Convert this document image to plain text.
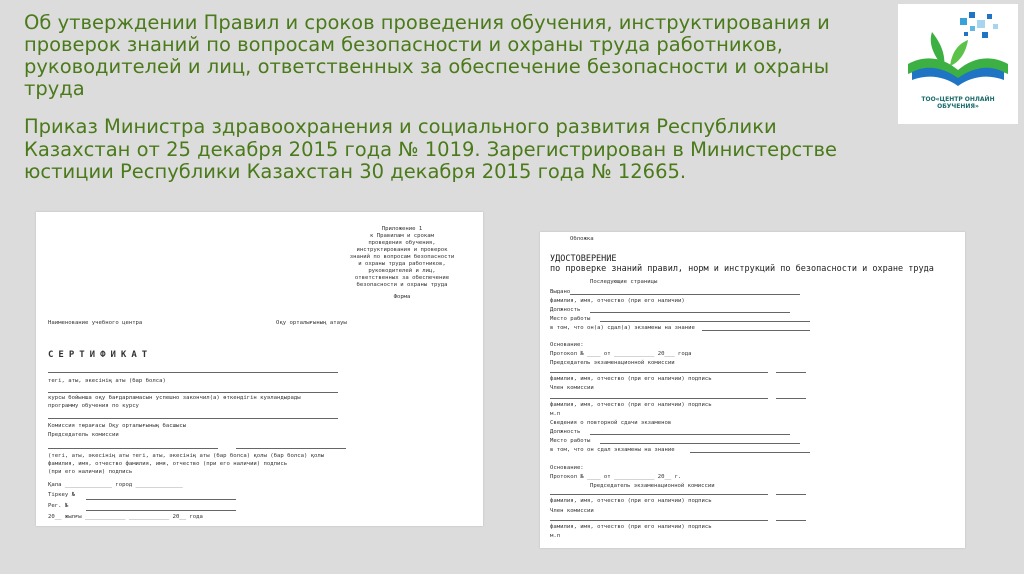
Об утверждении Правил и сроков проведения обучения, инструктирования и проверок знаний по вопросам безопасности и охраны труда работников, руководителей и лиц, ответственных за обеспечение безопасности и охраны труда
Приказ Министра здравоохранения и социального развития Республики Казахстан от 25 декабря 2015 года № 1019. Зарегистрирован в Министерстве юстиции Республики Казахстан 30 декабря 2015 года № 12665.
ТОО«ЦЕНТР ОНЛАЙН ОБУЧЕНИЯ»
Приложение 1
к Правилам и срокам
проведения обучения,
инструктирования и проверок
знаний по вопросам безопасности
и охраны труда работников,
руководителей и лиц,
ответственных за обеспечение
безопасности и охраны труда
Форма
Наименование учебного центра	Оқу орталығының атауы
СЕРТИФИКАТ
тегі, аты, әкесінің аты (бар болса)
курсы бойынша оқу бағдарламасын успешно закончил(а) өткендігін куәландырады
программу обучения по курсу
Комиссия төрағасы Оқу орталығының басшысы
Председатель комиссии
(тегі, аты, әкесінің аты тегі, аты, әкесінің аты (бар болса) қолы (бар болса) қолы
фамилия, имя, отчество фамилия, имя, отчество (при его наличии) подпись
(при его наличии) подпись
Қала ______________ город ______________
Тіркеу №
Рег. №
20__ жылғы ____________ ____________ 20__ года
Обложка
УДОСТОВЕРЕНИЕ
по проверке знаний правил, норм и инструкций по безопасности и охране труда
Последующие страницы
Выдано
фамилия, имя, отчество (при его наличии)
Должность
Место работы
в том, что он(а) сдал(а) экзамены на знание
Основание:
Протокол № ____ от ____________ 20___ года
Председатель экзаменационной комиссии
фамилия, имя, отчество (при его наличии) подпись
Член комиссии
фамилия, имя, отчество (при его наличии) подпись
м.п
Сведения о повторной сдачи экзаменов
Должность
Место работы
в том, что он сдал экзамены на знание
Основание:
Протокол № ____ от ____________ 20__ г.
Председатель экзаменационной комиссии
фамилия, имя, отчество (при его наличии) подпись
Член комиссии
фамилия, имя, отчество (при его наличии) подпись
м.п
